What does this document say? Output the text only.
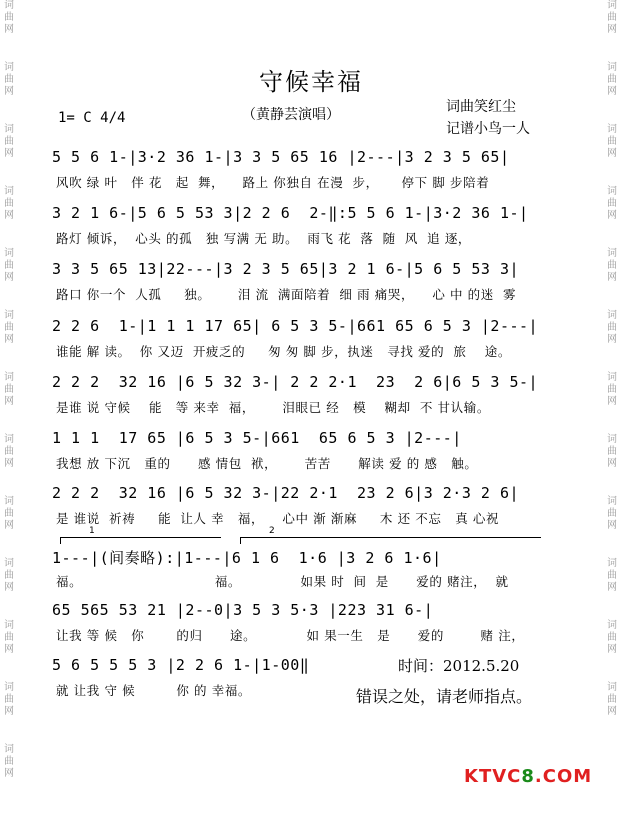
词
曲
网
词
曲
网
词
曲
网
词
曲
网
词
曲
网
词
曲
网
词
曲
网
词
曲
网
词
曲
网
词
曲
网
词
曲
网
词
曲
网
词
曲
网
词
曲
网
词
曲
网
词
曲
网
词
曲
网
词
曲
网
词
曲
网
词
曲
网
词
曲
网
词
曲
网
词
曲
网
词
曲
网
词
曲
网
守候幸福
（黄静芸演唱）
1= C 4/4
词曲笑红尘
记谱小鸟一人
5 5 6 1-|3·2 36 1-|3 3 5 65 16 |2---|3 2 3 5 65|
风吹 绿 叶   伴 花   起  舞，    路上 你独自 在漫  步，     停下 脚 步陪着
3 2 1 6-|5 6 5 53 3|2 2 6  2-‖:5 5 6 1-|3·2 36 1-|
路灯 倾诉，  心头 的孤   独 写满 无 助。  雨飞 花  落  随  风  追 逐，
3 3 5 65 13|22---|3 2 3 5 65|3 2 1 6-|5 6 5 53 3|
路口 你一个  人孤     独。      泪 流  满面陪着  细 雨 痛哭，    心 中 的迷  雾
2 2 6  1-|1 1 1 17 65| 6 5 3 5-|661 65 6 5 3 |2---|
谁能 解 读。  你 又迈  开疲乏的     匆 匆 脚 步，执迷   寻找 爱的  旅    途。
2 2 2  32 16 |6 5 32 3-| 2 2 2·1  23  2 6|6 5 3 5-|
是谁 说 守候    能   等 来幸  福，      泪眼已 经   模    糊却  不 甘认输。
1 1 1  17 65 |6 5 3 5-|661  65 6 5 3 |2---|
我想 放 下沉   重的      感 情包  袱，      苦苦      解读 爱 的 感   触。
2 2 2  32 16 |6 5 32 3-|22 2·1  23 2 6|3 2·3 2 6|
是 谁说  祈祷     能  让人 幸   福，    心中 渐 渐麻     木 还 不忘   真 心祝
1	2
1---|(间奏略):|1---|6 1 6  1·6 |3 2 6 1·6|
福。                             福。             如果 时  间  是      爱的 赌注，  就
65 565 53 21 |2--0|3 5 3 5·3 |223 31 6-|
让我 等 候   你       的归      途。           如 果一生   是      爱的        赌 注，
5 6 5 5 5 3 |2 2 6 1-|1-00‖
就 让我 守 候         你 的 幸福。
时间：2012.5.20
错误之处，请老师指点。
KTVC8.COM
